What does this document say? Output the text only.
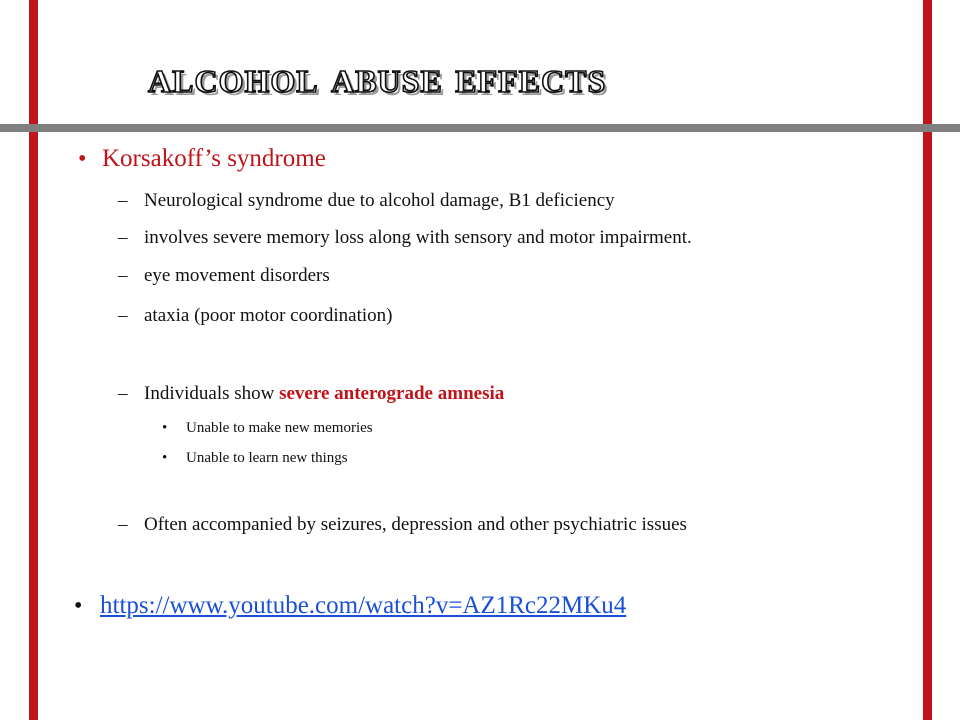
alcohol abuse effects
• Korsakoff’s syndrome
– Neurological syndrome due to alcohol damage, B1 deficiency
– involves severe memory loss along with sensory and motor impairment.
– eye movement disorders
– ataxia (poor motor coordination)
– Individuals show severe anterograde amnesia
• Unable to make new memories
• Unable to learn new things
– Often accompanied by seizures, depression and other psychiatric issues
• https://www.youtube.com/watch?v=AZ1Rc22MKu4
